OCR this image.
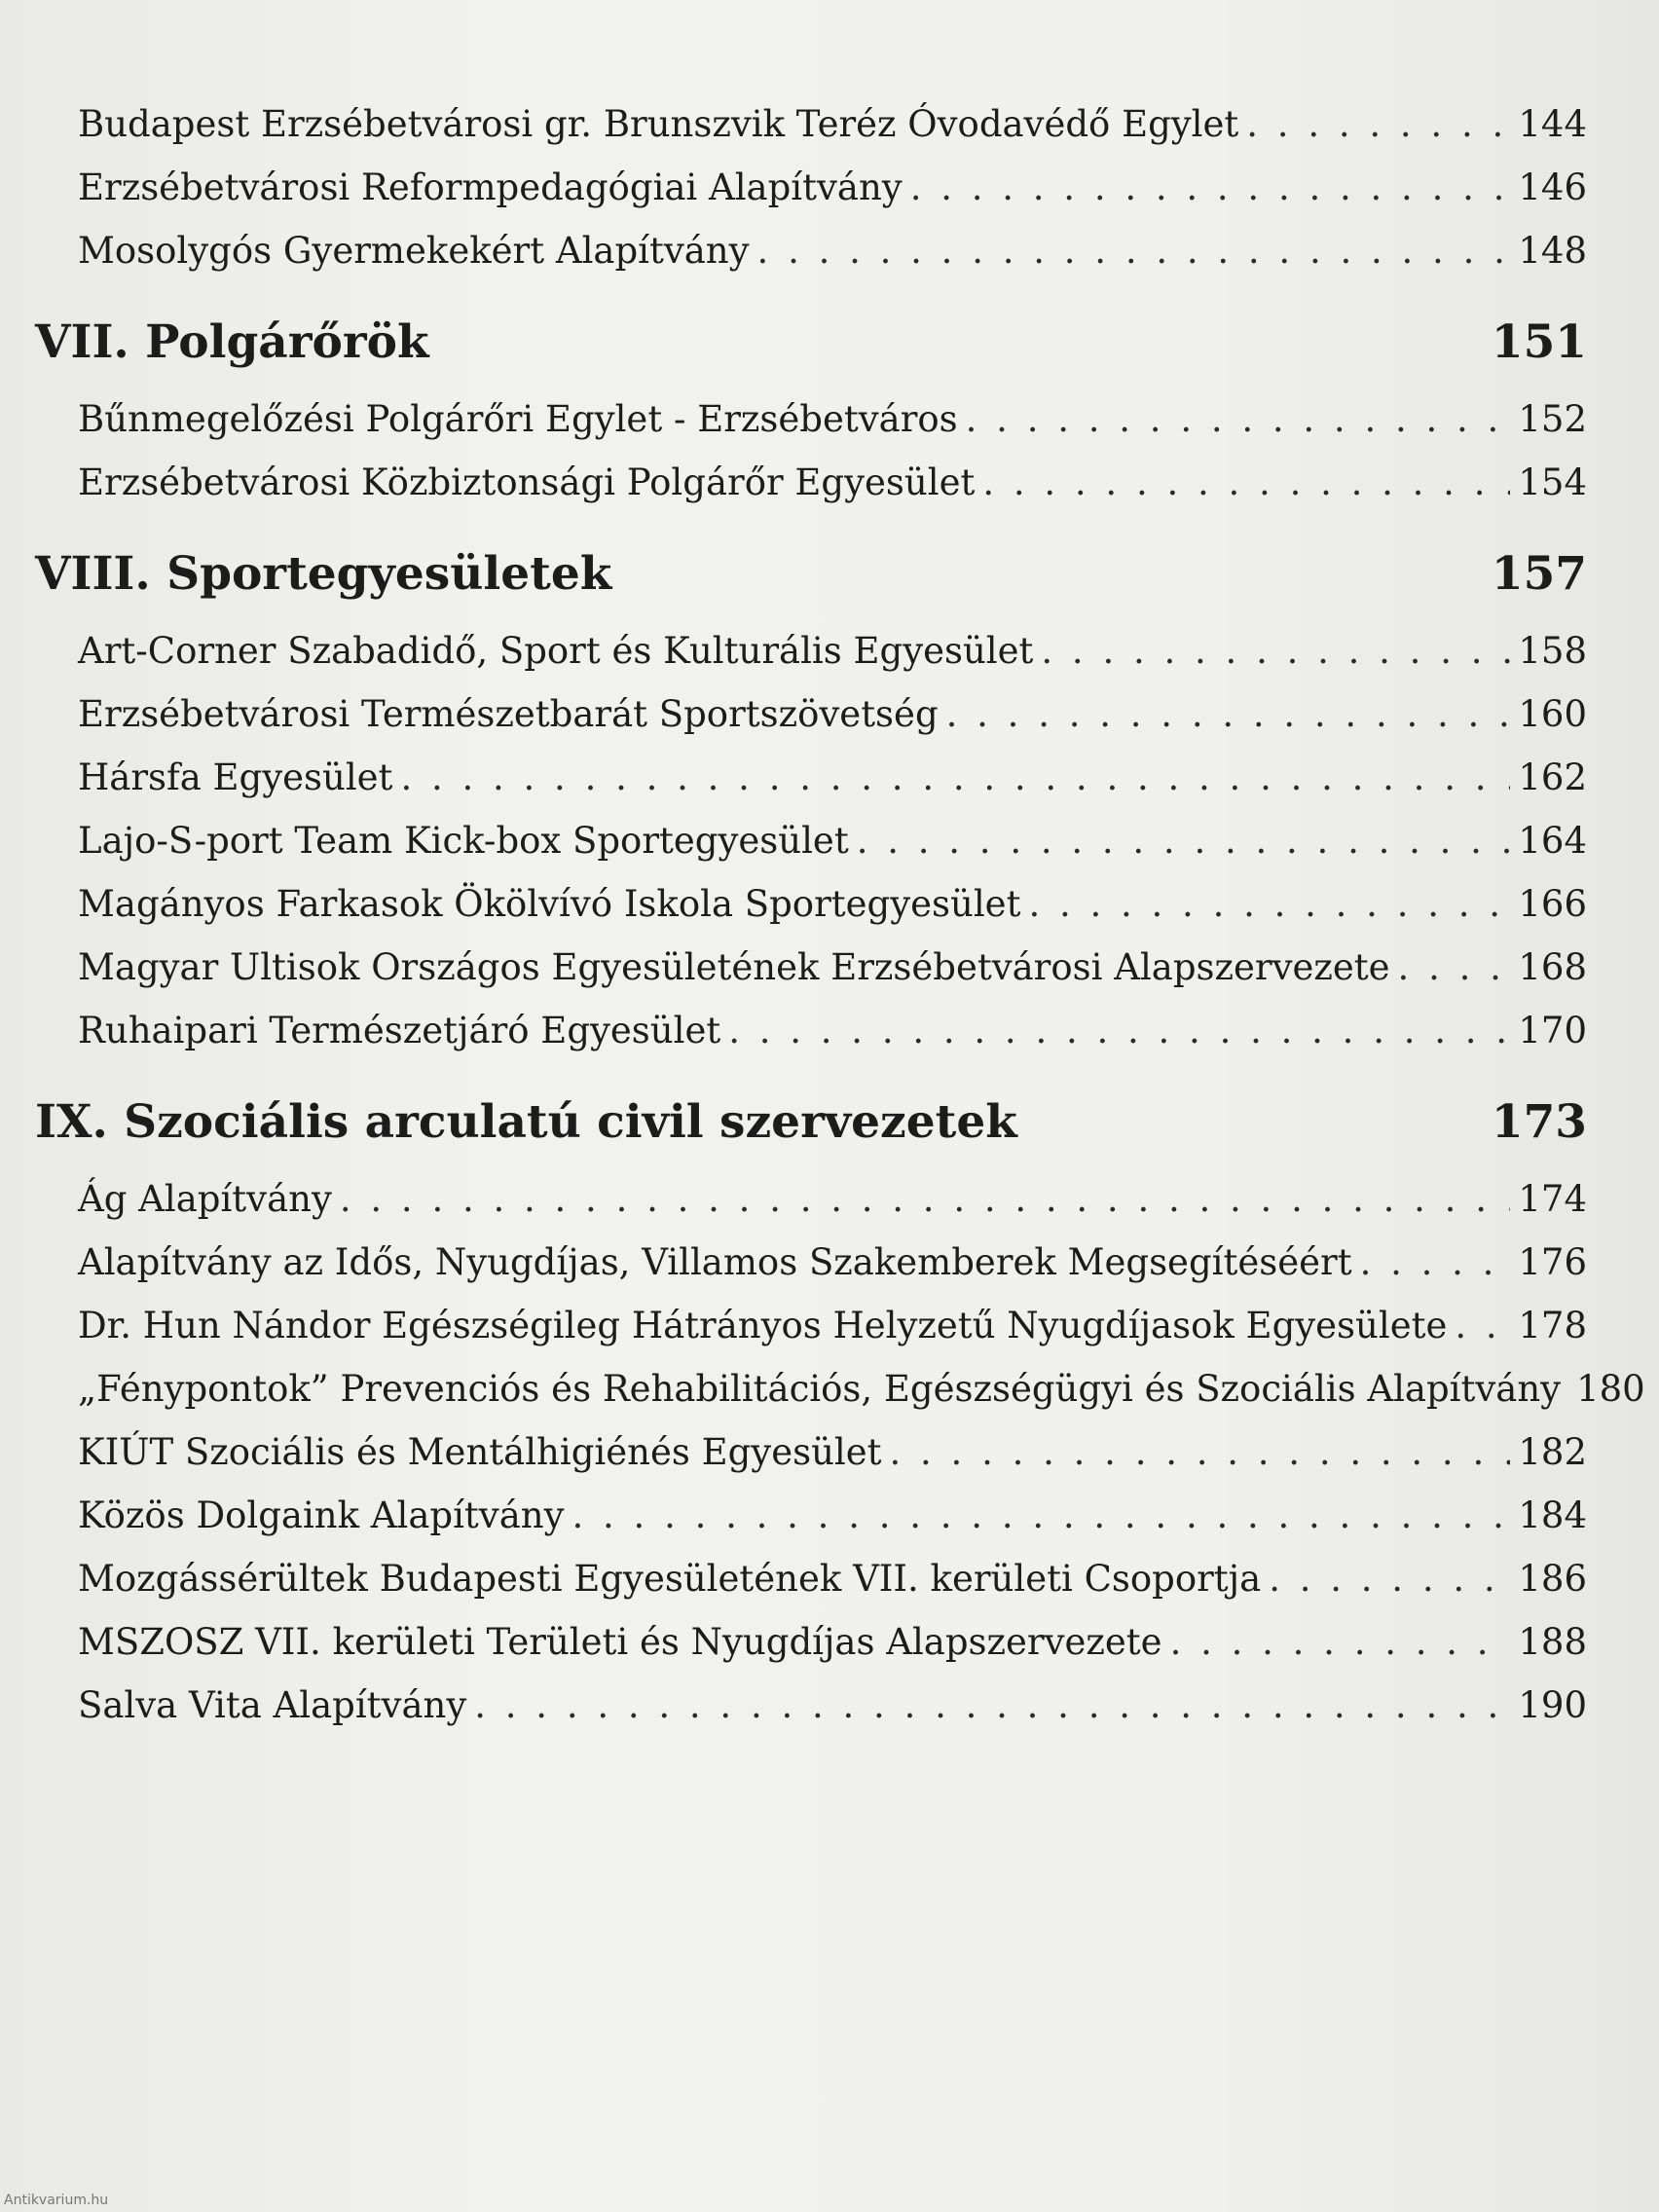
Budapest Erzsébetvárosi gr. Brunszvik Teréz Óvodavédő Egylet . . .	144
Erzsébetvárosi Reformpedagógiai Alapítvány . . .	146
Mosolygós Gyermekekért Alapítvány . . .	148
VII. Polgárőrök	151
Bűnmegelőzési Polgárőri Egylet - Erzsébetváros . . .	152
Erzsébetvárosi Közbiztonsági Polgárőr Egyesület . . .	154
VIII. Sportegyesületek	157
Art-Corner Szabadidő, Sport és Kulturális Egyesület . . .	158
Erzsébetvárosi Természetbarát Sportszövetség . . .	160
Hársfa Egyesület . . .	162
Lajo-S-port Team Kick-box Sportegyesület . . .	164
Magányos Farkasok Ökölvívó Iskola Sportegyesület . . .	166
Magyar Ultisok Országos Egyesületének Erzsébetvárosi Alapszervezete . . .	168
Ruhaipari Természetjáró Egyesület . . .	170
IX. Szociális arculatú civil szervezetek	173
Ág Alapítvány . . .	174
Alapítvány az Idős, Nyugdíjas, Villamos Szakemberek Megsegítéséért . . .	176
Dr. Hun Nándor Egészségileg Hátrányos Helyzetű Nyugdíjasok Egyesülete . . . 178
„Fénypontok” Prevenciós és Rehabilitációs, Egészségügyi és Szociális Alapítvány 180
KIÚT Szociális és Mentálhigiénés Egyesület . . .	182
Közös Dolgaink Alapítvány . . .	184
Mozgássérültek Budapesti Egyesületének VII. kerületi Csoportja . . .	186
MSZOSZ VII. kerületi Területi és Nyugdíjas Alapszervezete . . .	188
Salva Vita Alapítvány . . .	190
Antikvarium.hu
